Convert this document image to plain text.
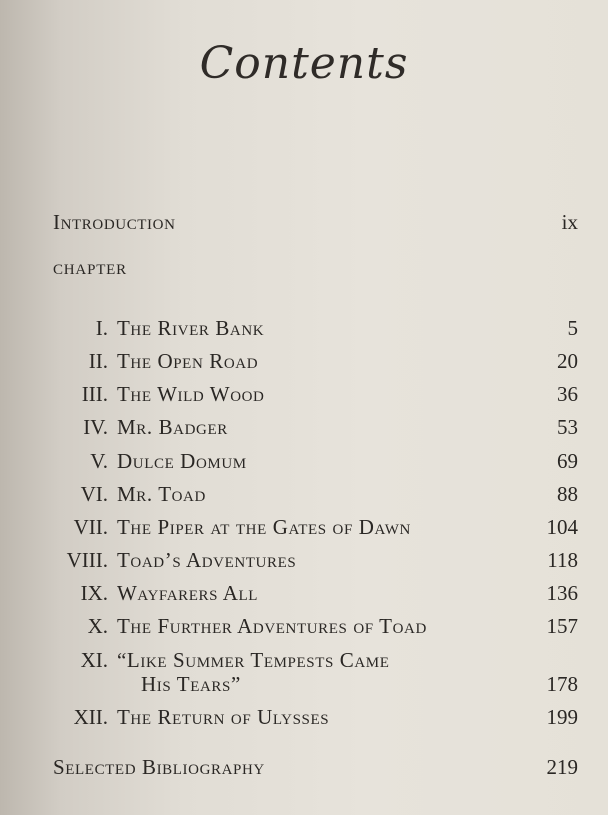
Contents
Introduction	ix
CHAPTER
I. The River Bank	5
II. The Open Road	20
III. The Wild Wood	36
IV. Mr. Badger	53
V. Dulce Domum	69
VI. Mr. Toad	88
VII. The Piper at the Gates of Dawn	104
VIII. Toad’s Adventures	118
IX. Wayfarers All	136
X. The Further Adventures of Toad	157
XI. “Like Summer Tempests Came
His Tears”	178
XII. The Return of Ulysses	199
Selected Bibliography	219
